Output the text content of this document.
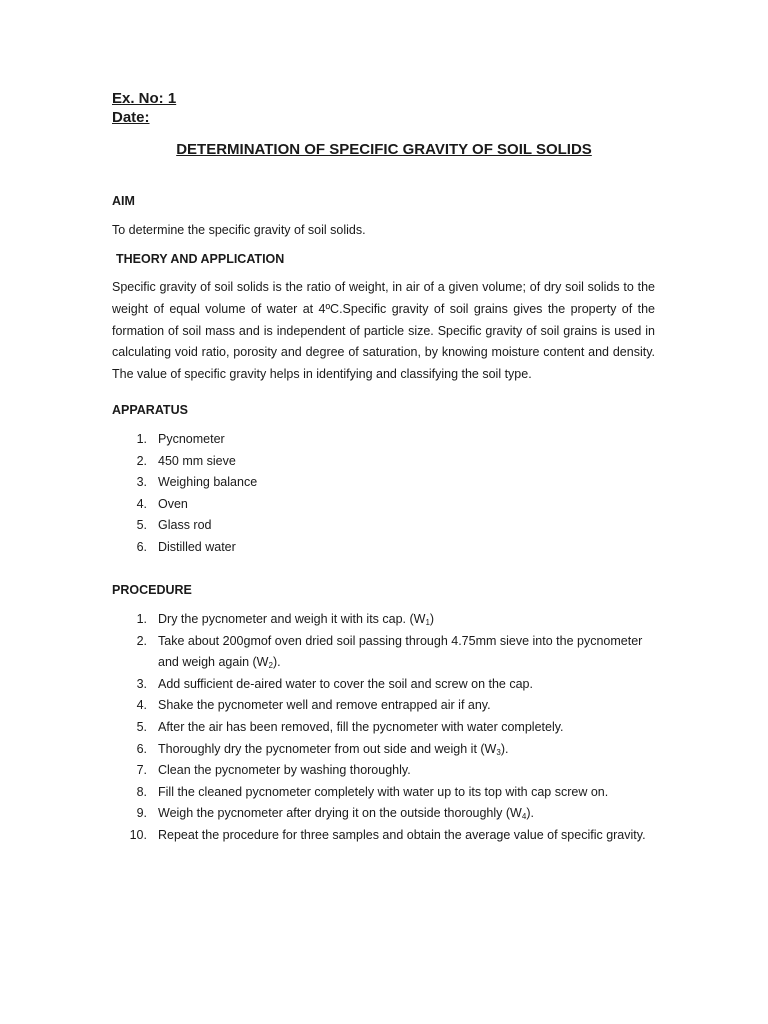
Ex. No: 1
Date:
DETERMINATION OF SPECIFIC GRAVITY OF SOIL SOLIDS
AIM
To determine the specific gravity of soil solids.
THEORY AND APPLICATION
Specific gravity of soil solids is the ratio of weight, in air of a given volume; of dry soil solids to the weight of equal volume of water at 4ºC.Specific gravity of soil grains gives the property of the formation of soil mass and is independent of particle size. Specific gravity of soil grains is used in calculating void ratio, porosity and degree of saturation, by knowing moisture content and density. The value of specific gravity helps in identifying and classifying the soil type.
APPARATUS
1. Pycnometer
2. 450 mm sieve
3. Weighing balance
4. Oven
5. Glass rod
6. Distilled water
PROCEDURE
1. Dry the pycnometer and weigh it with its cap. $(W_1)$
2. Take about 200gmof oven dried soil passing through 4.75mm sieve into the pycnometer and weigh again $(W_2)$.
3. Add sufficient de-aired water to cover the soil and screw on the cap.
4. Shake the pycnometer well and remove entrapped air if any.
5. After the air has been removed, fill the pycnometer with water completely.
6. Thoroughly dry the pycnometer from out side and weigh it $(W_3)$.
7. Clean the pycnometer by washing thoroughly.
8. Fill the cleaned pycnometer completely with water up to its top with cap screw on.
9. Weigh the pycnometer after drying it on the outside thoroughly $(W_4)$.
10. Repeat the procedure for three samples and obtain the average value of specific gravity.
